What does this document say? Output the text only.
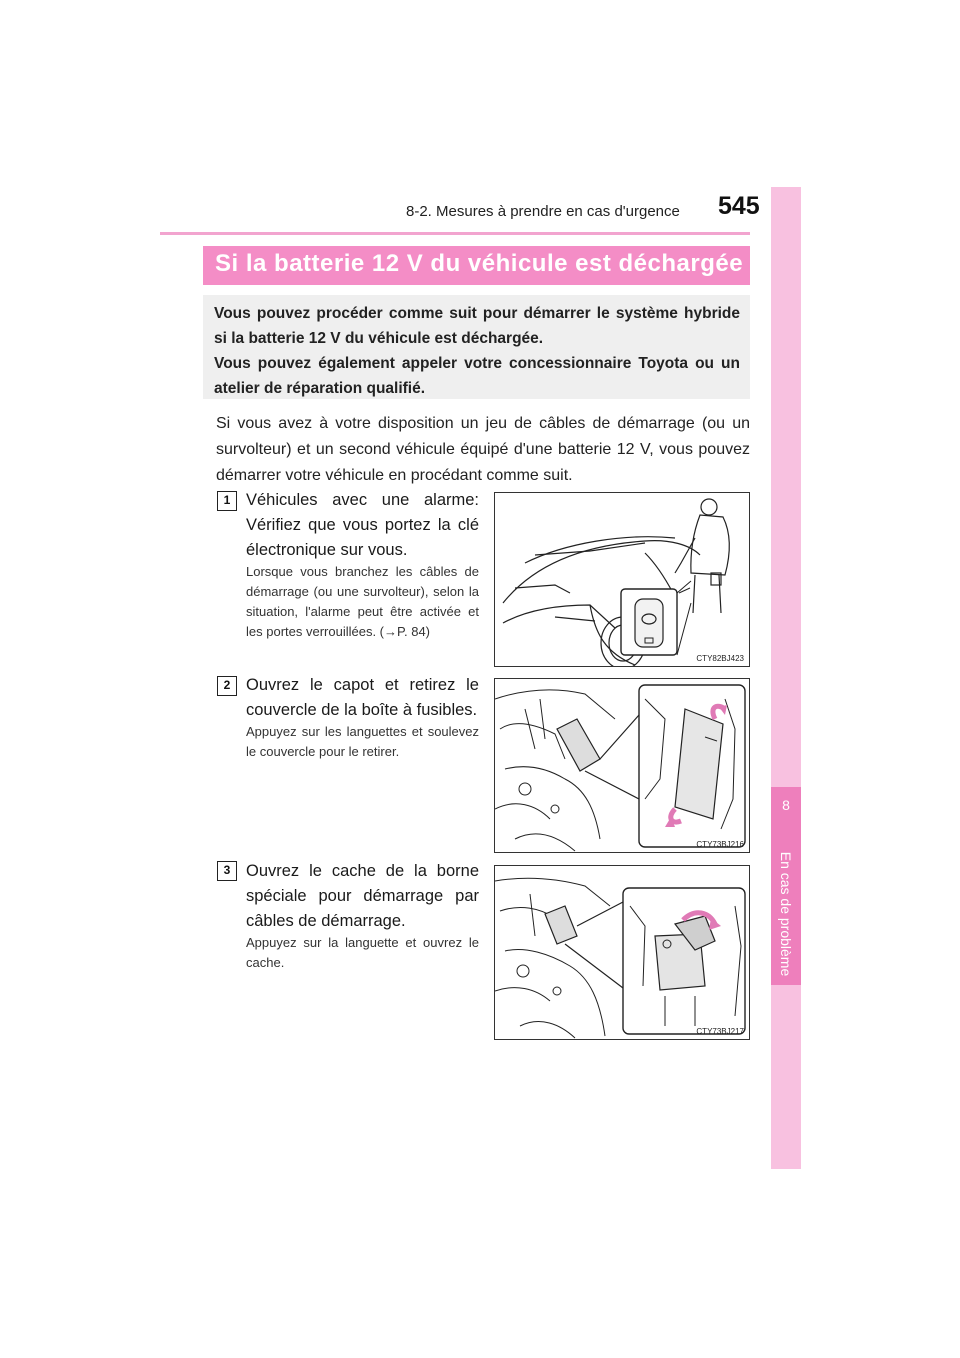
8-2. Mesures à prendre en cas d'urgence 545
8
En cas de problème
Si la batterie 12 V du véhicule est déchargée

Vous pouvez procéder comme suit pour démarrer le système hybride si la batterie 12 V du véhicule est déchargée.

Vous pouvez également appeler votre concessionnaire Toyota ou un atelier de réparation qualifié.

Si vous avez à votre disposition un jeu de câbles de démarrage (ou un survolteur) et un second véhicule équipé d'une batterie 12 V, vous pouvez démarrer votre véhicule en procédant comme suit.

1 Véhicules avec une alarme: Vérifiez que vous portez la clé électronique sur vous.

Lorsque vous branchez les câbles de démarrage (ou une survolteur), selon la situation, l'alarme peut être activée et les portes verrouillées. (→P. 84)

CTY82BJ423
2 Ouvrez le capot et retirez le couvercle de la boîte à fusibles.

Appuyez sur les languettes et soulevez le couvercle pour le retirer.

CTY73BJ216
3 Ouvrez le cache de la borne spéciale pour démarrage par câbles de démarrage.

Appuyez sur la languette et ouvrez le cache.

CTY73BJ217
